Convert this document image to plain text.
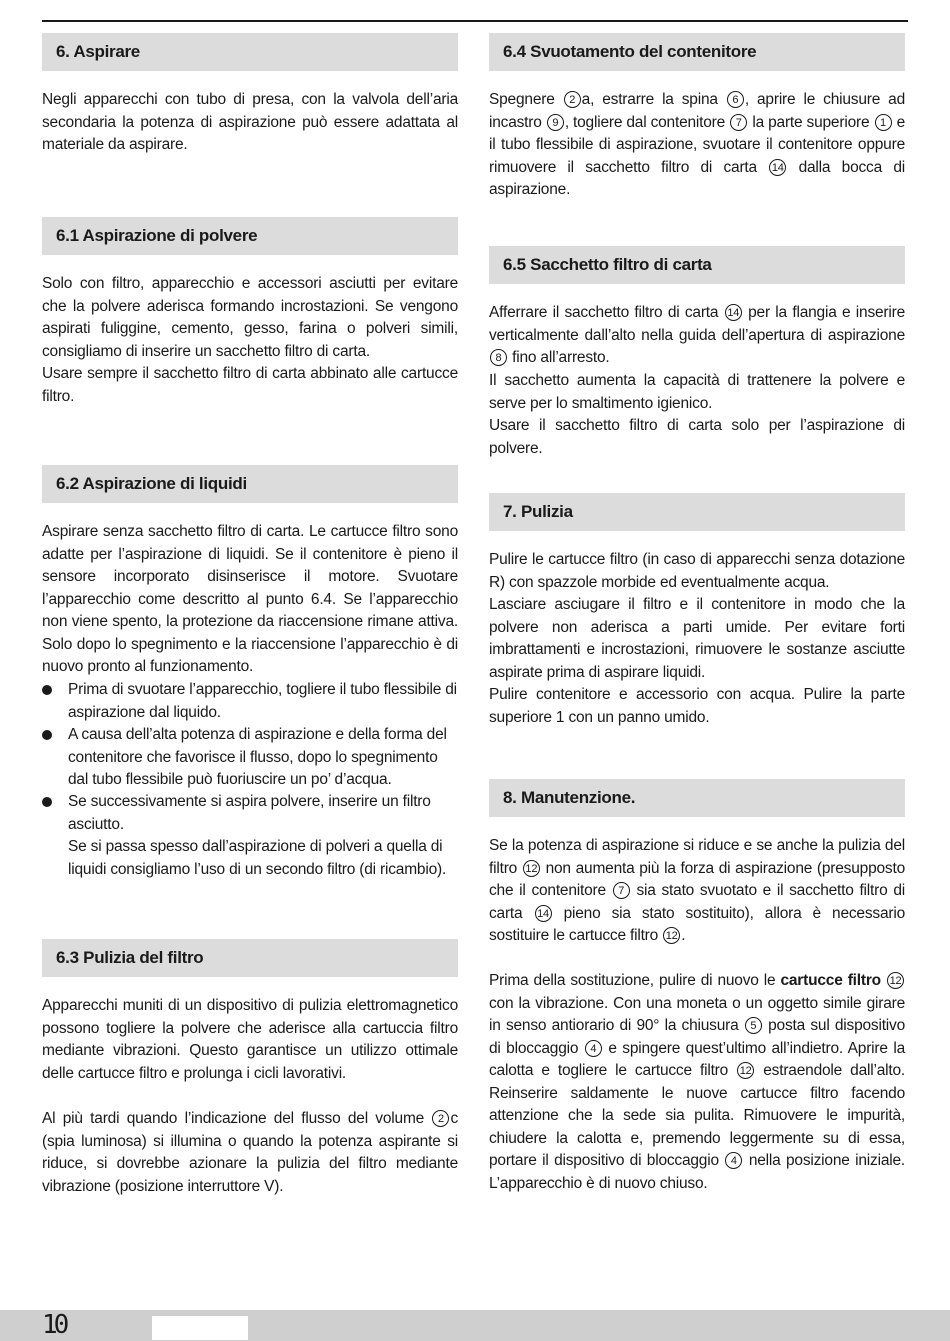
6. Aspirare

Negli apparecchi con tubo di presa, con la valvola dell’aria secondaria la potenza di aspirazione può essere adattata al materiale da aspirare.

6.1 Aspirazione di polvere

Solo con filtro, apparecchio e accessori asciutti per evitare che la polvere aderisca formando incrostazioni. Se vengono aspirati fuliggine, cemento, gesso, farina o polveri simili, consigliamo di inserire un sacchetto filtro di carta.

Usare sempre il sacchetto filtro di carta abbinato alle cartucce filtro.

6.2 Aspirazione di liquidi

Aspirare senza sacchetto filtro di carta. Le cartucce filtro sono adatte per l’aspirazione di liquidi. Se il contenitore è pieno il sensore incorporato disinserisce il motore. Svuotare l’apparecchio come descritto al punto 6.4. Se l’apparecchio non viene spento, la protezione da riaccensione rimane attiva. Solo dopo lo spegnimento e la riaccensione l’apparecchio è di nuovo pronto al funzionamento.

Prima di svuotare l’apparecchio, togliere il tubo flessibile di aspirazione dal liquido.
A causa dell’alta potenza di aspirazione e della forma del contenitore che favorisce il flusso, dopo lo spegnimento dal tubo flessibile può fuoriuscire un po’ d’acqua.
Se successivamente si aspira polvere, inserire un filtro asciutto.
Se si passa spesso dall’aspirazione di polveri a quella di liquidi consigliamo l’uso di un secondo filtro (di ricambio).
6.3 Pulizia del filtro

Apparecchi muniti di un dispositivo di pulizia elettromagnetico possono togliere la polvere che aderisce alla cartuccia filtro mediante vibrazioni. Questo garantisce un utilizzo ottimale delle cartucce filtro e prolunga i cicli lavorativi.

Al più tardi quando l’indicazione del flusso del volume 2 c (spia luminosa) si illumina o quando la potenza aspirante si riduce, si dovrebbe azionare la pulizia del filtro mediante vibrazione (posizione interruttore V).

6.4 Svuotamento del contenitore

Spegnere 2 a, estrarre la spina 6 , aprire le chiusure ad incastro 9 , togliere dal contenitore 7 la parte superiore 1 e il tubo flessibile di aspirazione, svuotare il contenitore oppure rimuovere il sacchetto filtro di carta 14 dalla bocca di aspirazione.

6.5 Sacchetto filtro di carta

Afferrare il sacchetto filtro di carta 14 per la flangia e inserire verticalmente dall’alto nella guida dell’apertura di aspirazione 8 fino all’arresto.

Il sacchetto aumenta la capacità di trattenere la polvere e serve per lo smaltimento igienico.

Usare il sacchetto filtro di carta solo per l’aspirazione di polvere.

7. Pulizia

Pulire le cartucce filtro (in caso di apparecchi senza dotazione R) con spazzole morbide ed eventualmente acqua.

Lasciare asciugare il filtro e il contenitore in modo che la polvere non aderisca a parti umide. Per evitare forti imbrattamenti e incrostazioni, rimuovere le sostanze asciutte aspirate prima di aspirare liquidi.

Pulire contenitore e accessorio con acqua. Pulire la parte superiore 1 con un panno umido.

8. Manutenzione.

Se la potenza di aspirazione si riduce e se anche la pulizia del filtro 12 non aumenta più la forza di aspirazione (presupposto che il contenitore 7 sia stato svuotato e il sacchetto filtro di carta 14 pieno sia stato sostituito), allora è necessario sostituire le cartucce filtro 12 .

Prima della sostituzione, pulire di nuovo le cartucce filtro 12 con la vibrazione. Con una moneta o un oggetto simile girare in senso antiorario di 90° la chiusura 5 posta sul dispositivo di bloccaggio 4 e spingere quest’ultimo all’indietro. Aprire la calotta e togliere le cartucce filtro 12 estraendole dall’alto. Reinserire saldamente le nuove cartucce filtro facendo attenzione che la sede sia pulita. Rimuovere le impurità, chiudere la calotta e, premendo leggermente su di essa, portare il dispositivo di bloccaggio 4 nella posizione iniziale. L’apparecchio è di nuovo chiuso.

10
